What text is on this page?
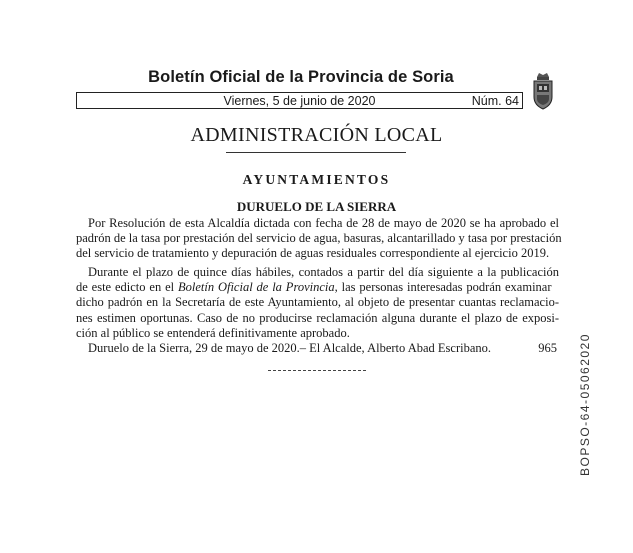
Boletín Oficial de la Provincia de Soria
Viernes, 5 de junio de 2020	Núm. 64
ADMINISTRACIÓN LOCAL
AYUNTAMIENTOS
DURUELO DE LA SIERRA
Por Resolución de esta Alcaldía dictada con fecha de 28 de mayo de 2020 se ha aprobado el
padrón de la tasa por prestación del servicio de agua, basuras, alcantarillado y tasa por prestación
del servicio de tratamiento y depuración de aguas residuales correspondiente al ejercicio 2019.
Durante el plazo de quince días hábiles, contados a partir del día siguiente a la publicación
de este edicto en el Boletín Oficial de la Provincia, las personas interesadas podrán examinar
dicho padrón en la Secretaría de este Ayuntamiento, al objeto de presentar cuantas reclamacio-
nes estimen oportunas. Caso de no producirse reclamación alguna durante el plazo de exposi-
ción al público se entenderá definitivamente aprobado.
Duruelo de la Sierra, 29 de mayo de 2020.– El Alcalde, Alberto Abad Escribano.	965 BOPSO-64-05062020
